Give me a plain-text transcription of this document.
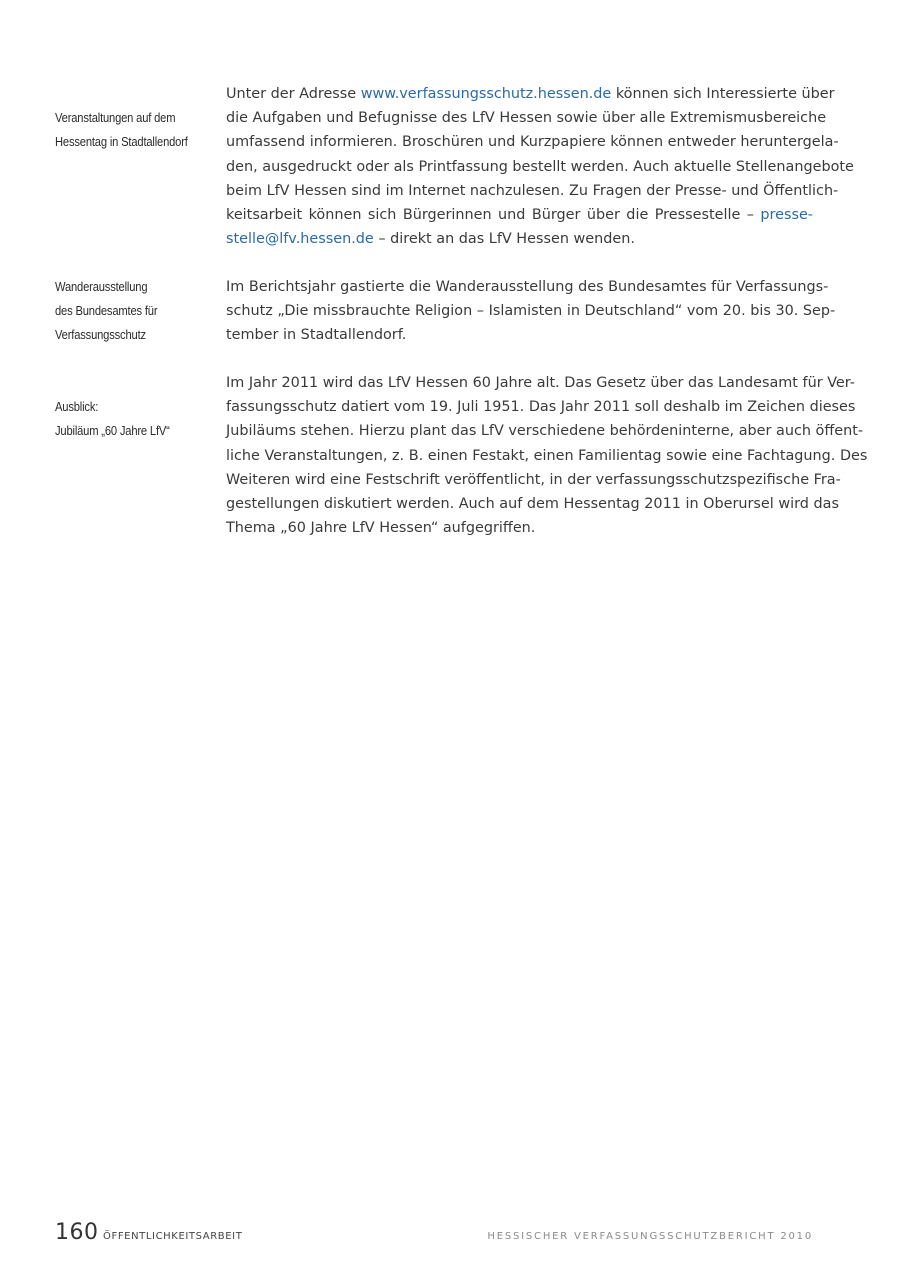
Veranstaltungen auf dem
Hessentag in Stadtallendorf
Unter der Adresse www.verfassungsschutz.hessen.de können sich Interessierte über
die Aufgaben und Befugnisse des LfV Hessen sowie über alle Extremismusbereiche
umfassend informieren. Broschüren und Kurzpapiere können entweder heruntergela-
den, ausgedruckt oder als Printfassung bestellt werden. Auch aktuelle Stellenangebote
beim LfV Hessen sind im Internet nachzulesen. Zu Fragen der Presse- und Öffentlich-
keitsarbeit können sich Bürgerinnen und Bürger über die Pressestelle – presse-
stelle@lfv.hessen.de – direkt an das LfV Hessen wenden.
Wanderausstellung
des Bundesamtes für
Verfassungsschutz
Im Berichtsjahr gastierte die Wanderausstellung des Bundesamtes für Verfassungs-
schutz „Die missbrauchte Religion – Islamisten in Deutschland“ vom 20. bis 30. Sep-
tember in Stadtallendorf.
Ausblick:
Jubiläum „60 Jahre LfV“
Im Jahr 2011 wird das LfV Hessen 60 Jahre alt. Das Gesetz über das Landesamt für Ver-
fassungsschutz datiert vom 19. Juli 1951. Das Jahr 2011 soll deshalb im Zeichen dieses
Jubiläums stehen. Hierzu plant das LfV verschiedene behördeninterne, aber auch öffent-
liche Veranstaltungen, z. B. einen Festakt, einen Familientag sowie eine Fachtagung. Des
Weiteren wird eine Festschrift veröffentlicht, in der verfassungsschutzspezifische Fra-
gestellungen diskutiert werden. Auch auf dem Hessentag 2011 in Oberursel wird das
Thema „60 Jahre LfV Hessen“ aufgegriffen.
160 ÖFFENTLICHKEITSARBEIT	HESSISCHER VERFASSUNGSSCHUTZBERICHT 2010
